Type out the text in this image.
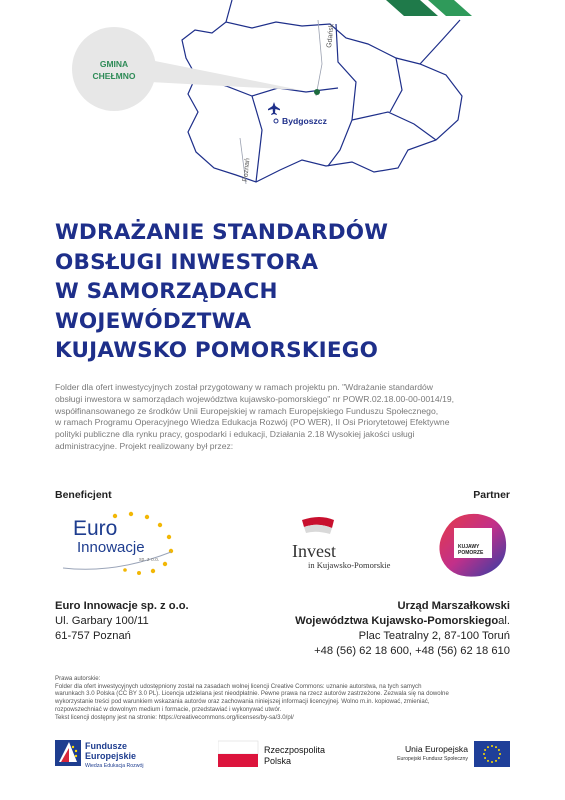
Gdańsk
Poznań
GMINA
CHEŁMNO
Bydgoszcz
WDRAŻANIE STANDARDÓW
OBSŁUGI INWESTORA
W SAMORZĄDACH
WOJEWÓDZTWA
KUJAWSKO POMORSKIEGO
Folder dla ofert inwestycyjnych został przygotowany w ramach projektu pn. "Wdrażanie standardów
obsługi inwestora w samorządach województwa kujawsko-pomorskiego" nr POWR.02.18.00-00-0014/19,
współfinansowanego ze środków Unii Europejskiej w ramach Europejskiego Funduszu Społecznego,
w ramach Programu Operacyjnego Wiedza Edukacja Rozwój (PO WER), II Osi Priorytetowej Efektywne
polityki publiczne dla rynku pracy, gospodarki i edukacji, Działania 2.18 Wysokiej jakości usługi
administracyjne. Projekt realizowany był przez:
Beneficjent	Partner
Euro
Innowacje
sp. z o.o.	Invest
in Kujawsko-Pomorskie
KUJAWY
POMORZE
Euro Innowacje sp. z o.o.
Ul. Garbary 100/11
61-757 Poznań
Urząd Marszałkowski
Województwa Kujawsko-Pomorskiegoal.
Plac Teatralny 2, 87-100 Toruń
+48 (56) 62 18 600, +48 (56) 62 18 610
Prawa autorskie:
Folder dla ofert inwestycyjnych udostępniony został na zasadach wolnej licencji Creative Commons: uznanie autorstwa, na tych samych
warunkach 3.0 Polska (CC BY 3.0 PL). Licencja udzielana jest nieodpłatnie. Pewne prawa na rzecz autorów zastrzeżone. Zezwala się na dowolne
wykorzystanie treści pod warunkiem wskazania autorów oraz zachowania niniejszej informacji licencyjnej. Wolno m.in. kopiować, zmieniać,
rozpowszechniać w dowolnym medium i formacie, przedstawiać i wykonywać utwór.
Tekst licencji dostępny jest na stronie: https://creativecommons.org/licenses/by-sa/3.0/pl/
Fundusze
Europejskie
Wiedza Edukacja Rozwój
Rzeczpospolita
Polska
Unia Europejska
Europejski Fundusz Społeczny
